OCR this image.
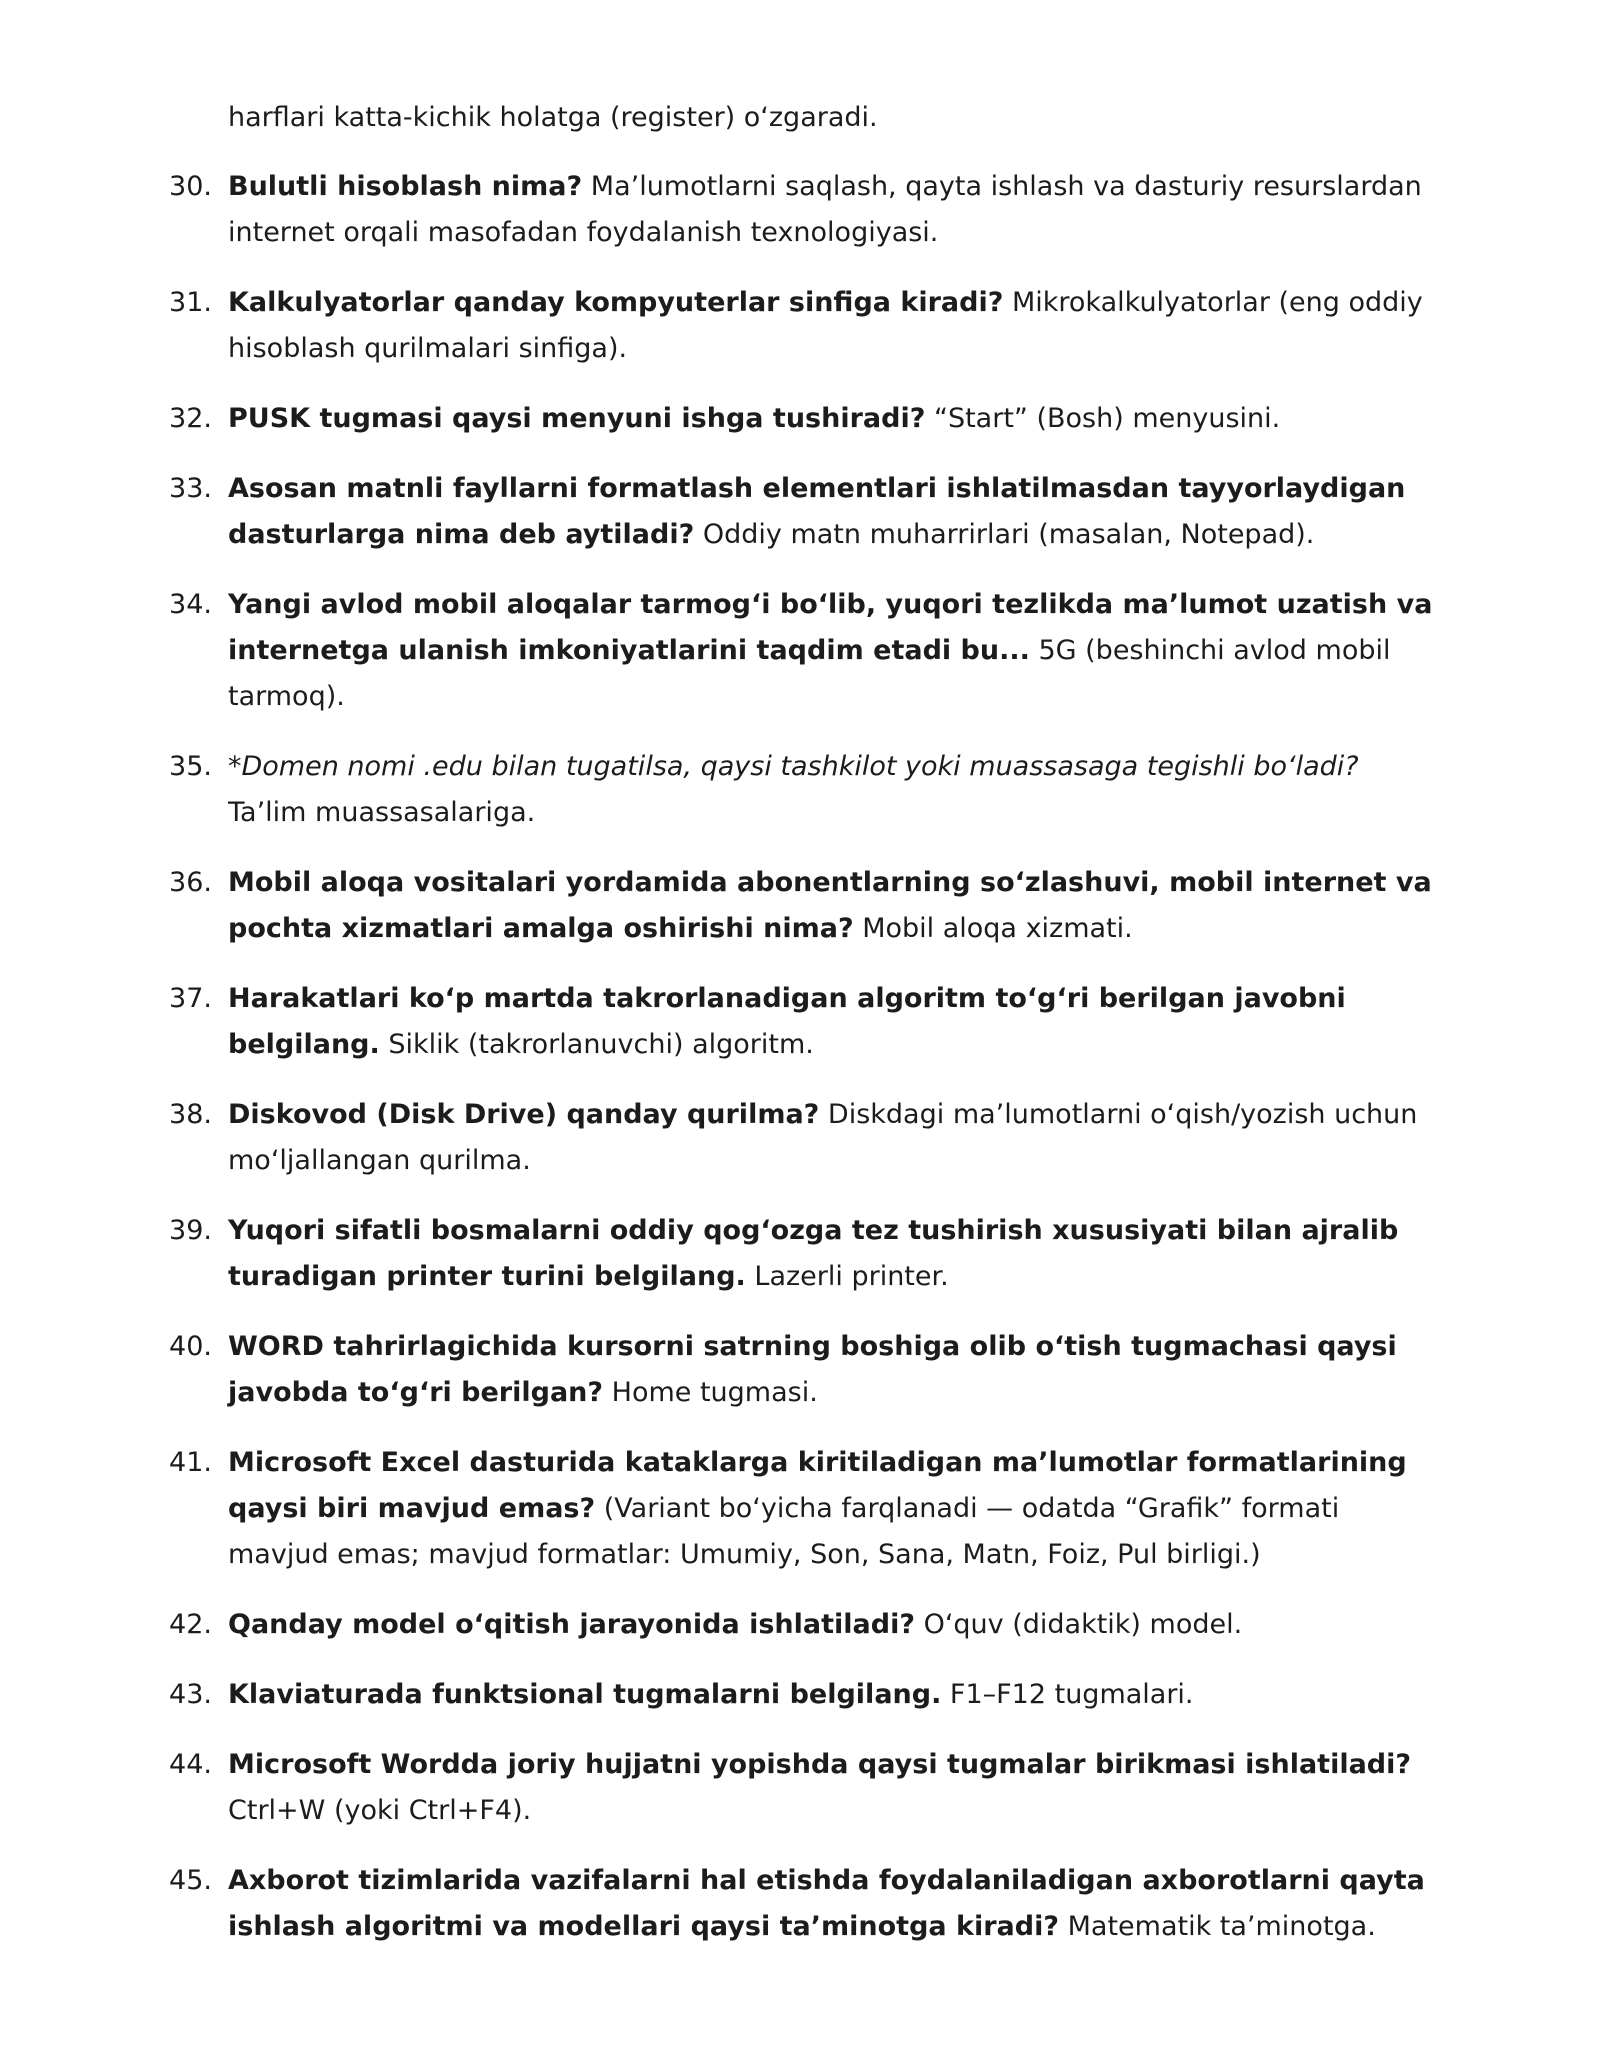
harflari katta-kichik holatga (register) o‘zgaradi.
30. Bulutli hisoblash nima? Ma’lumotlarni saqlash, qayta ishlash va dasturiy resurslardan internet orqali masofadan foydalanish texnologiyasi.
31. Kalkulyatorlar qanday kompyuterlar sinfiga kiradi? Mikrokalkulyatorlar (eng oddiy hisoblash qurilmalari sinfiga).
32. PUSK tugmasi qaysi menyuni ishga tushiradi? “Start” (Bosh) menyusini.
33. Asosan matnli fayllarni formatlash elementlari ishlatilmasdan tayyorlaydigan dasturlarga nima deb aytiladi? Oddiy matn muharrirlari (masalan, Notepad).
34. Yangi avlod mobil aloqalar tarmog‘i bo‘lib, yuqori tezlikda ma’lumot uzatish va internetga ulanish imkoniyatlarini taqdim etadi bu... 5G (beshinchi avlod mobil tarmoq).
35. *Domen nomi .edu bilan tugatilsa, qaysi tashkilot yoki muassasaga tegishli bo‘ladi?
Ta’lim muassasalariga.
36. Mobil aloqa vositalari yordamida abonentlarning so‘zlashuvi, mobil internet va pochta xizmatlari amalga oshirishi nima? Mobil aloqa xizmati.
37. Harakatlari ko‘p martda takrorlanadigan algoritm to‘g‘ri berilgan javobni belgilang. Siklik (takrorlanuvchi) algoritm.
38. Diskovod (Disk Drive) qanday qurilma? Diskdagi ma’lumotlarni o‘qish/yozish uchun mo‘ljallangan qurilma.
39. Yuqori sifatli bosmalarni oddiy qog‘ozga tez tushirish xususiyati bilan ajralib turadigan printer turini belgilang. Lazerli printer.
40. WORD tahrirlagichida kursorni satrning boshiga olib o‘tish tugmachasi qaysi javobda to‘g‘ri berilgan? Home tugmasi.
41. Microsoft Excel dasturida kataklarga kiritiladigan ma’lumotlar formatlarining qaysi biri mavjud emas? (Variant bo‘yicha farqlanadi — odatda “Grafik” formati mavjud emas; mavjud formatlar: Umumiy, Son, Sana, Matn, Foiz, Pul birligi.)
42. Qanday model o‘qitish jarayonida ishlatiladi? O‘quv (didaktik) model.
43. Klaviaturada funktsional tugmalarni belgilang. F1–F12 tugmalari.
44. Microsoft Wordda joriy hujjatni yopishda qaysi tugmalar birikmasi ishlatiladi? Ctrl+W (yoki Ctrl+F4).
45. Axborot tizimlarida vazifalarni hal etishda foydalaniladigan axborotlarni qayta ishlash algoritmi va modellari qaysi ta’minotga kiradi? Matematik ta’minotga.
